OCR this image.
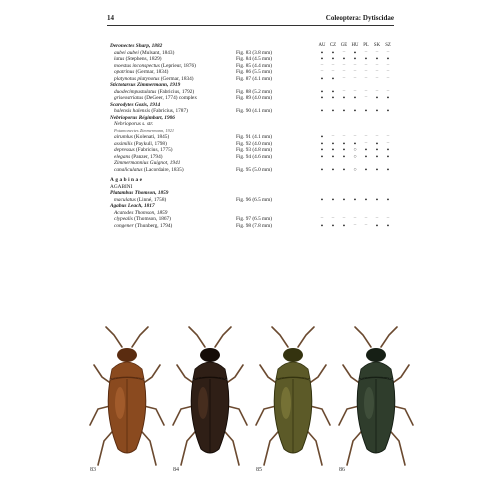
14	Coleoptera: Dytiscidae
AU CZ GE HU PL	SK	SZ
Deronectes Sharp, 1882
aubei aubei (Mulsant, 1843)	Fig. 83 (3.8 mm)	•	•	–	•	–	–	–
latus (Stephens, 1829)	Fig. 84 (4.5 mm)	•	•	•	•	•	•	•
moestus inconspectus (Leprieur, 1876)	Fig. 85 (4.4 mm)	–	–	–	–	–	–	–
opatrinus (Germar, 1834)	Fig. 86 (5.5 mm)	–	–	–	–	–	–	–
platynotus platynotus (Germar, 1834)	Fig. 87 (4.1 mm)	•	•	–	–	–	–	–
Stictotarsus Zimmermann, 1919
duodecimpustulatus (Fabricius, 1792)	Fig. 88 (5.2 mm)	•	•	–	–	–	–	–
griseostriatus (DeGeer, 1774) complex	Fig. 89 (4.0 mm)	•	•	•	•	–	•	•
Scarodytes Gozis, 1914
halensis halensis (Fabricius, 1787)	Fig. 90 (4.1 mm)	•	•	•	•	•	•	•
Nebrioporus Régimbart, 1906
Nebrioporus s. str.
Potamonectes Zimmermann, 1921
airumlus (Kolenati, 1845)	Fig. 91 (4.1 mm)	•	–	–	–	–	–	–
assimilis (Paykull, 1798)	Fig. 92 (4.0 mm)	•	•	•	•	–	•	–
depressus (Fabricius, 1775)	Fig. 93 (4.8 mm)	•	•	•	○	•	•	•
elegans (Panzer, 1794)	Fig. 94 (4.6 mm)	•	•	•	○	•	•	•
Zimmermannius Guignot, 1941
canaliculatus (Lacordaire, 1835)	Fig. 95 (5.0 mm)	•	•	•	○	•	•	•
Agabinae
AGABINI
Platambus Thomson, 1859
maculatus (Linné, 1758)	Fig. 96 (6.5 mm)	•	•	•	•	•	•	•
Agabus Leach, 1817
Acatodes Thomson, 1859
clypealis (Thomson, 1867)	Fig. 97 (6.5 mm)	–	–	–	–	–	–	–
congener (Thunberg, 1794)	Fig. 98 (7.8 mm)	•	•	•	–	–	•	•
83	84	85	86
